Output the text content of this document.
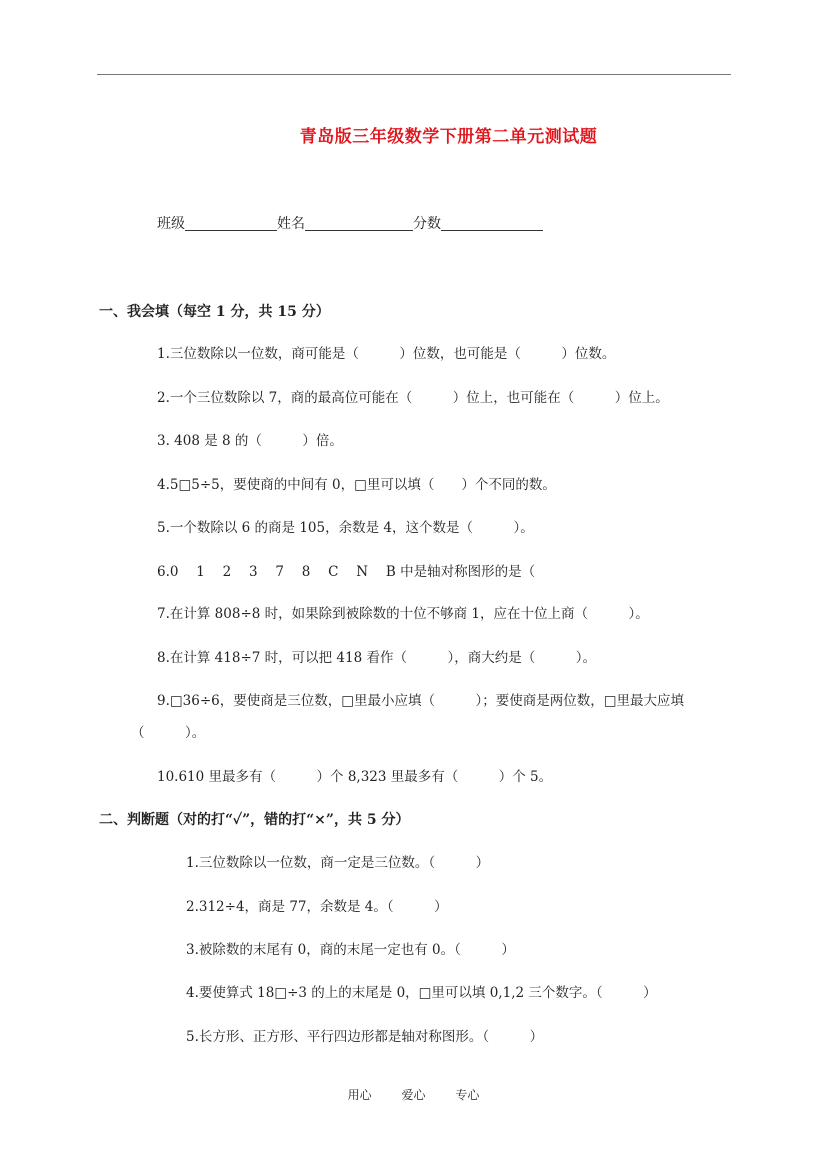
青岛版三年级数学下册第二单元测试题
班级	姓名	分数
一、我会填（每空 1 分，共 15 分）
1.三位数除以一位数，商可能是（　　　）位数，也可能是（　　　）位数。
2.一个三位数除以 7，商的最高位可能在（　　　）位上，也可能在（　　　）位上。
3. 408 是 8 的（　　　）倍。
4.5□5÷5，要使商的中间有 0，□里可以填（　　）个不同的数。
5.一个数除以 6 的商是 105，余数是 4，这个数是（　　　）。
6.0　 1　 2　 3　 7　 8　 C　 N　 B 中是轴对称图形的是（
7.在计算 808÷8 时，如果除到被除数的十位不够商 1，应在十位上商（　　　）。
8.在计算 418÷7 时，可以把 418 看作（　　　），商大约是（　　　）。
9.□36÷6，要使商是三位数，□里最小应填（　　　）；要使商是两位数，□里最大应填
（　　　）。
10.610 里最多有（　　　）个 8,323 里最多有（　　　）个 5。
二、判断题（对的打“✓”，错的打“×”，共 5 分）
1.三位数除以一位数，商一定是三位数。（　　　）
2.312÷4，商是 77，余数是 4。（　　　）
3.被除数的末尾有 0，商的末尾一定也有 0。（　　　）
4.要使算式 18□÷3 的上的末尾是 0，□里可以填 0,1,2 三个数字。（　　　）
5.长方形、正方形、平行四边形都是轴对称图形。（　　　）
用心 爱心 专心
